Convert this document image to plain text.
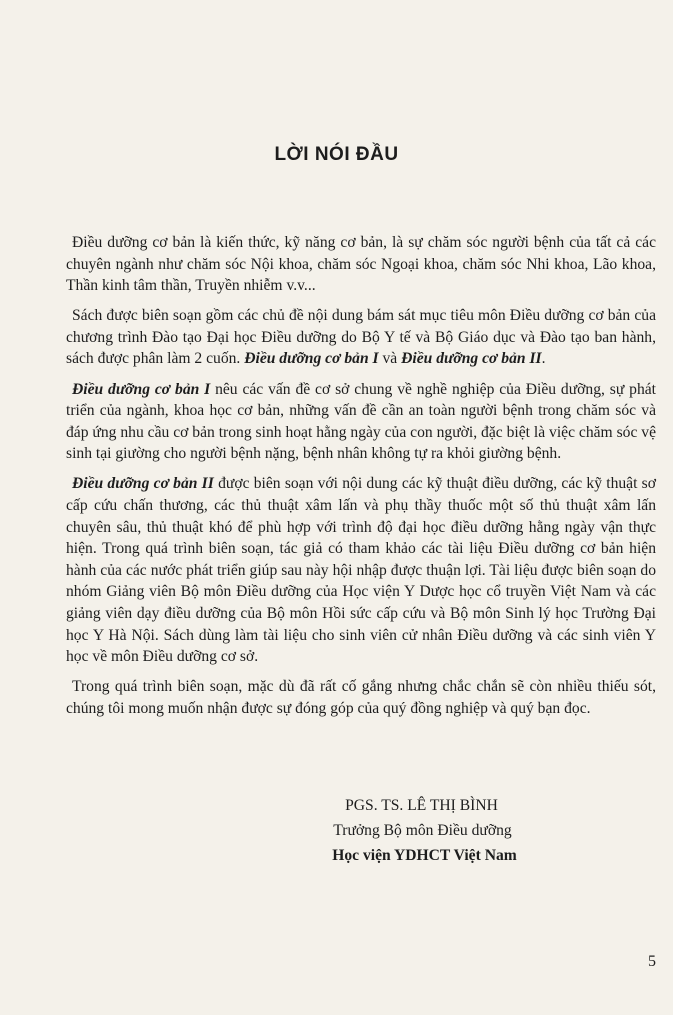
LỜI NÓI ĐẦU

Điều dưỡng cơ bản là kiến thức, kỹ năng cơ bản, là sự chăm sóc người bệnh của tất cả các chuyên ngành như chăm sóc Nội khoa, chăm sóc Ngoại khoa, chăm sóc Nhi khoa, Lão khoa, Thần kinh tâm thần, Truyền nhiễm v.v...

Sách được biên soạn gồm các chủ đề nội dung bám sát mục tiêu môn Điều dưỡng cơ bản của chương trình Đào tạo Đại học Điều dưỡng do Bộ Y tế và Bộ Giáo dục và Đào tạo ban hành, sách được phân làm 2 cuốn. Điều dưỡng cơ bản I và Điều dưỡng cơ bản II.

Điều dưỡng cơ bản I nêu các vấn đề cơ sở chung về nghề nghiệp của Điều dưỡng, sự phát triển của ngành, khoa học cơ bản, những vấn đề cần an toàn người bệnh trong chăm sóc và đáp ứng nhu cầu cơ bản trong sinh hoạt hằng ngày của con người, đặc biệt là việc chăm sóc vệ sinh tại giường cho người bệnh nặng, bệnh nhân không tự ra khỏi giường bệnh.

Điều dưỡng cơ bản II được biên soạn với nội dung các kỹ thuật điều dưỡng, các kỹ thuật sơ cấp cứu chấn thương, các thủ thuật xâm lấn và phụ thầy thuốc một số thủ thuật xâm lấn chuyên sâu, thủ thuật khó để phù hợp với trình độ đại học điều dưỡng hằng ngày vận thực hiện. Trong quá trình biên soạn, tác giả có tham khảo các tài liệu Điều dưỡng cơ bản hiện hành của các nước phát triển giúp sau này hội nhập được thuận lợi. Tài liệu được biên soạn do nhóm Giảng viên Bộ môn Điều dưỡng của Học viện Y Dược học cổ truyền Việt Nam và các giảng viên dạy điều dưỡng của Bộ môn Hồi sức cấp cứu và Bộ môn Sinh lý học Trường Đại học Y Hà Nội. Sách dùng làm tài liệu cho sinh viên cử nhân Điều dưỡng và các sinh viên Y học về môn Điều dưỡng cơ sở.

Trong quá trình biên soạn, mặc dù đã rất cố gắng nhưng chắc chắn sẽ còn nhiều thiếu sót, chúng tôi mong muốn nhận được sự đóng góp của quý đồng nghiệp và quý bạn đọc.

PGS. TS. LÊ THỊ BÌNH
Trưởng Bộ môn Điều dưỡng
Học viện YDHCT Việt Nam
5
